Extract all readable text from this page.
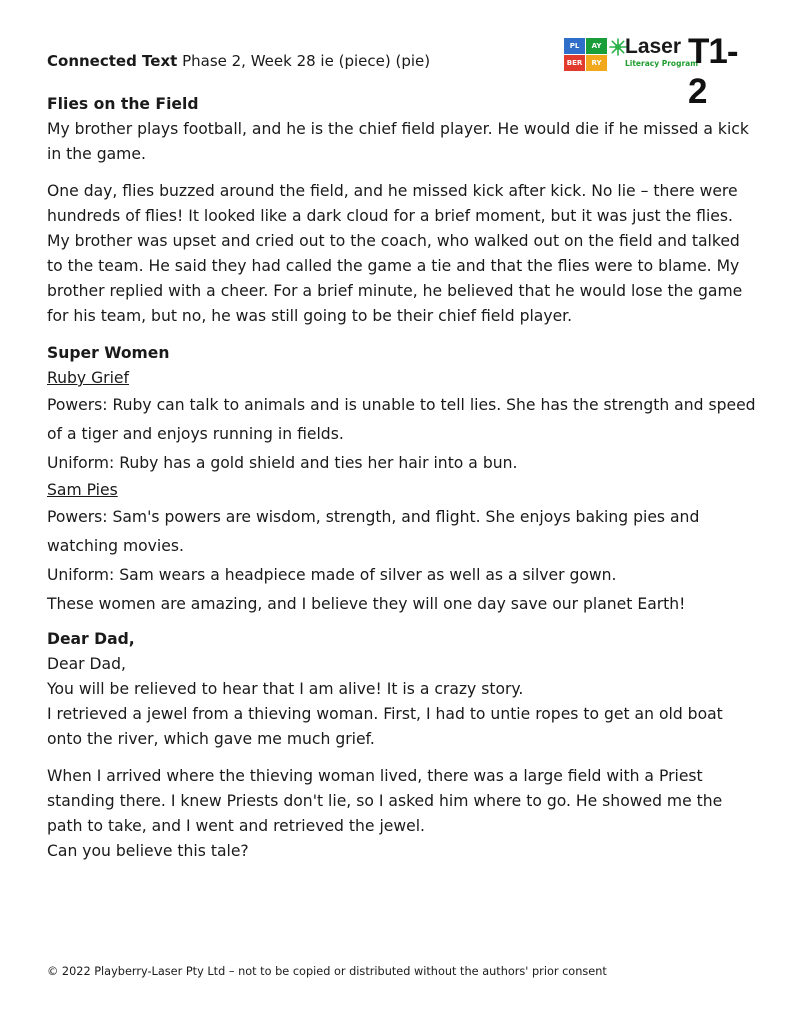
Connected Text Phase 2, Week 28 ie (piece) (pie)
PL	AY
BER	RY
Laser
Literacy Program
T1-2

Flies on the Field

My brother plays football, and he is the chief field player. He would die if he missed a kick in the game.

One day, flies buzzed around the field, and he missed kick after kick. No lie – there were hundreds of flies! It looked like a dark cloud for a brief moment, but it was just the flies. My brother was upset and cried out to the coach, who walked out on the field and talked to the team. He said they had called the game a tie and that the flies were to blame. My brother replied with a cheer. For a brief minute, he believed that he would lose the game for his team, but no, he was still going to be their chief field player.

Super Women

Ruby Grief

Powers: Ruby can talk to animals and is unable to tell lies. She has the strength and speed of a tiger and enjoys running in fields.

Uniform: Ruby has a gold shield and ties her hair into a bun.

Sam Pies

Powers: Sam's powers are wisdom, strength, and flight. She enjoys baking pies and watching movies.

Uniform: Sam wears a headpiece made of silver as well as a silver gown.

These women are amazing, and I believe they will one day save our planet Earth!

Dear Dad,

Dear Dad,

You will be relieved to hear that I am alive! It is a crazy story.

I retrieved a jewel from a thieving woman. First, I had to untie ropes to get an old boat onto the river, which gave me much grief.

When I arrived where the thieving woman lived, there was a large field with a Priest standing there. I knew Priests don't lie, so I asked him where to go. He showed me the path to take, and I went and retrieved the jewel.

Can you believe this tale?

© 2022 Playberry-Laser Pty Ltd – not to be copied or distributed without the authors' prior consent
